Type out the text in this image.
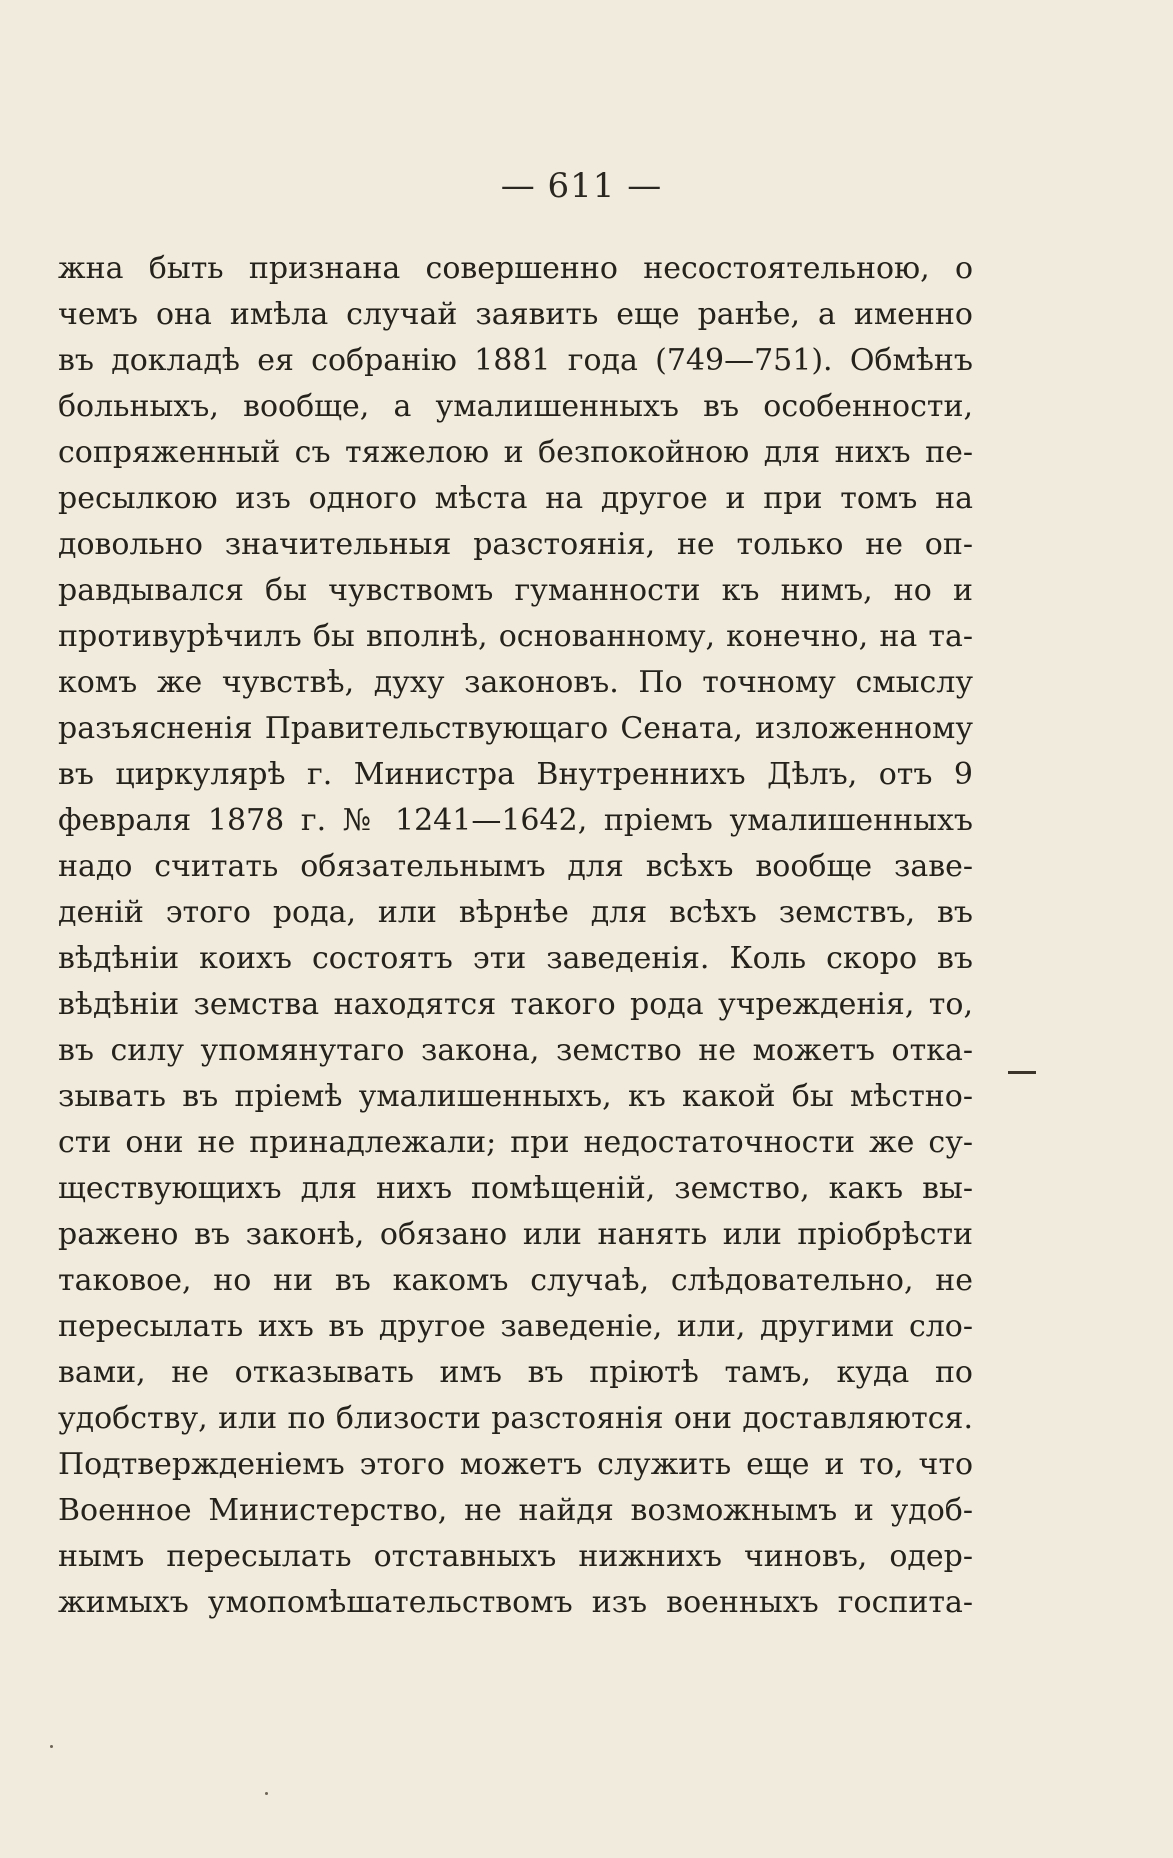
— 611 —
жна быть признана совершенно несостоятельною, о
чемъ она имѣла случай заявить еще ранѣе, а именно
въ докладѣ ея собранію 1881 года (749—751). Обмѣнъ
больныхъ, вообще, а умалишенныхъ въ особенности,
сопряженный съ тяжелою и безпокойною для нихъ пе-
ресылкою изъ одного мѣста на другое и при томъ на
довольно значительныя разстоянія, не только не оп-
равдывался бы чувствомъ гуманности къ нимъ, но и
противурѣчилъ бы вполнѣ, основанному, конечно, на та-
комъ же чувствѣ, духу законовъ. По точному смыслу
разъясненія Правительствующаго Сената, изложенному
въ циркулярѣ г. Министра Внутреннихъ Дѣлъ, отъ 9
февраля 1878 г. № 1241—1642, пріемъ умалишенныхъ
надо считать обязательнымъ для всѣхъ вообще заве-
деній этого рода, или вѣрнѣе для всѣхъ земствъ, въ
вѣдѣніи коихъ состоятъ эти заведенія. Коль скоро въ
вѣдѣніи земства находятся такого рода учрежденія, то,
въ силу упомянутаго закона, земство не можетъ отка-
зывать въ пріемѣ умалишенныхъ, къ какой бы мѣстно-
сти они не принадлежали; при недостаточности же су-
ществующихъ для нихъ помѣщеній, земство, какъ вы-
ражено въ законѣ, обязано или нанять или пріобрѣсти
таковое, но ни въ какомъ случаѣ, слѣдовательно, не
пересылать ихъ въ другое заведеніе, или, другими сло-
вами, не отказывать имъ въ пріютѣ тамъ, куда по
удобству, или по близости разстоянія они доставляются.
Подтвержденіемъ этого можетъ служить еще и то, что
Военное Министерство, не найдя возможнымъ и удоб-
нымъ пересылать отставныхъ нижнихъ чиновъ, одер-
жимыхъ умопомѣшательствомъ изъ военныхъ госпита-
